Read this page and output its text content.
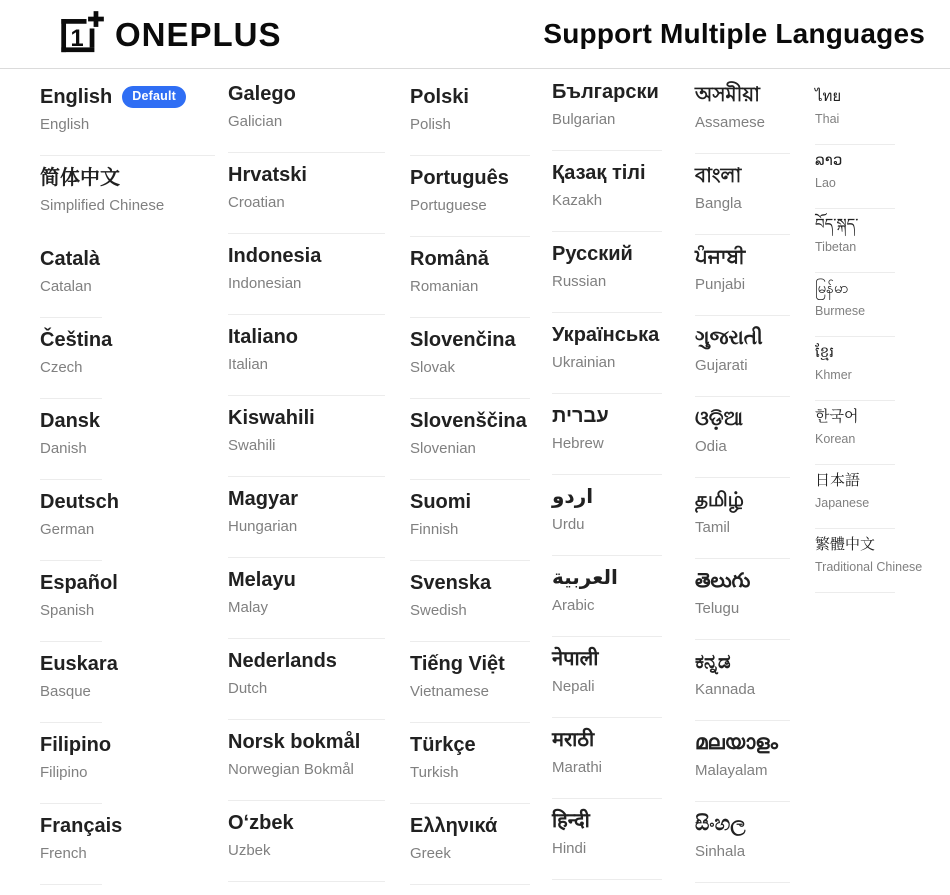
1 ONEPLUS	Support Multiple Languages
English Default
English
简体中文
Simplified Chinese
Català
Catalan
Čeština
Czech
Dansk
Danish
Deutsch
German
Español
Spanish
Euskara
Basque
Filipino
Filipino
Français
French
Galego
Galician
Hrvatski
Croatian
Indonesia
Indonesian
Italiano
Italian
Kiswahili
Swahili
Magyar
Hungarian
Melayu
Malay
Nederlands
Dutch
Norsk bokmål
Norwegian Bokmål
Oʻzbek
Uzbek
Polski
Polish
Português
Portuguese
Română
Romanian
Slovenčina
Slovak
Slovenščina
Slovenian
Suomi
Finnish
Svenska
Swedish
Tiếng Việt
Vietnamese
Türkçe
Turkish
Ελληνικά
Greek
Български
Bulgarian
Қазақ тілі
Kazakh
Русский
Russian
Українська
Ukrainian
עברית
Hebrew
اردو
Urdu
العربية
Arabic
नेपाली
Nepali
मराठी
Marathi
हिन्दी
Hindi
অসমীয়া
Assamese
বাংলা
Bangla
ਪੰਜਾਬੀ
Punjabi
ગુજરાતી
Gujarati
ଓଡ଼ିଆ
Odia
தமிழ்
Tamil
తెలుగు
Telugu
ಕನ್ನಡ
Kannada
മലയാളം
Malayalam
සිංහල
Sinhala
ไทย
Thai
ລາວ
Lao
བོད་སྐད་
Tibetan
မြန်မာ
Burmese
ខ្មែរ
Khmer
한국어
Korean
日本語
Japanese
繁體中文
Traditional Chinese
